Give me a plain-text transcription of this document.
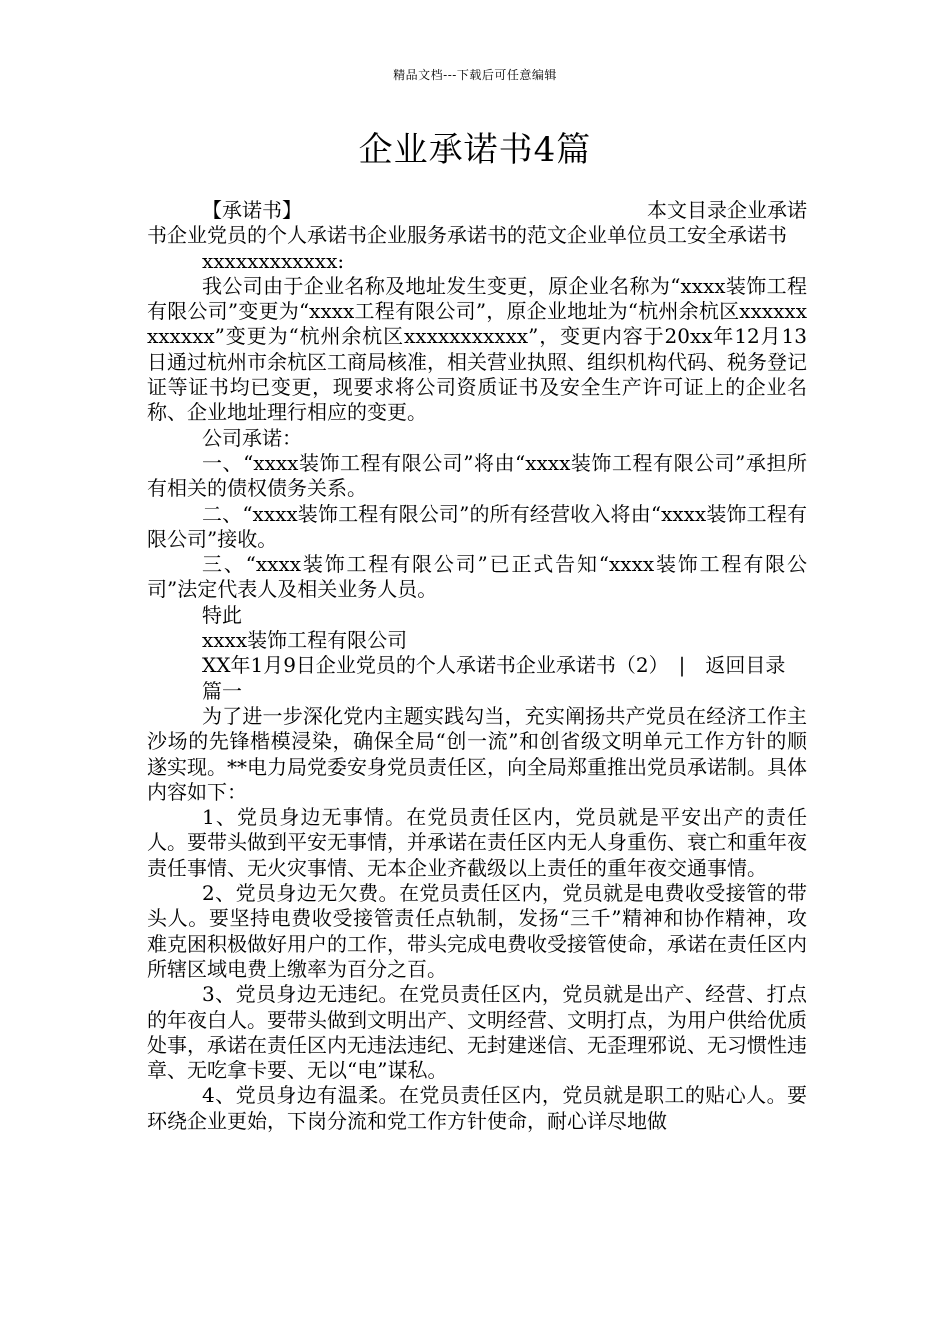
精品文档---下载后可任意编辑
企业承诺书4篇
【承诺书】	本文目录企业承诺

书企业党员的个人承诺书企业服务承诺书的范文企业单位员工安全承诺书

xxxxxxxxxxxx:

我公司由于企业名称及地址发生变更，原企业名称为“xxxx装饰工程有限公司”变更为“xxxx工程有限公司”，原企业地址为“杭州余杭区xxxxxxxxxxxx”变更为“杭州余杭区xxxxxxxxxxx”，变更内容于20xx年12月13日通过杭州市余杭区工商局核准，相关营业执照、组织机构代码、税务登记证等证书均已变更，现要求将公司资质证书及安全生产许可证上的企业名称、企业地址理行相应的变更。

公司承诺：

一、“xxxx装饰工程有限公司”将由“xxxx装饰工程有限公司”承担所有相关的债权债务关系。

二、“xxxx装饰工程有限公司”的所有经营收入将由“xxxx装饰工程有限公司”接收。

三、“xxxx装饰工程有限公司”已正式告知“xxxx装饰工程有限公司”法定代表人及相关业务人员。

特此

xxxx装饰工程有限公司

XX年1月9日企业党员的个人承诺书企业承诺书（2）　|　返回目录

篇一

为了进一步深化党内主题实践勾当，充实阐扬共产党员在经济工作主沙场的先锋楷模浸染，确保全局“创一流”和创省级文明单元工作方针的顺遂实现。**电力局党委安身党员责任区，向全局郑重推出党员承诺制。具体内容如下：

1、党员身边无事情。在党员责任区内，党员就是平安出产的责任人。要带头做到平安无事情，并承诺在责任区内无人身重伤、衰亡和重年夜责任事情、无火灾事情、无本企业齐截级以上责任的重年夜交通事情。

2、党员身边无欠费。在党员责任区内，党员就是电费收受接管的带头人。要坚持电费收受接管责任点轨制，发扬“三千”精神和协作精神，攻难克困积极做好用户的工作，带头完成电费收受接管使命，承诺在责任区内所辖区域电费上缴率为百分之百。

3、党员身边无违纪。在党员责任区内，党员就是出产、经营、打点的年夜白人。要带头做到文明出产、文明经营、文明打点，为用户供给优质处事，承诺在责任区内无违法违纪、无封建迷信、无歪理邪说、无习惯性违章、无吃拿卡要、无以“电”谋私。

4、党员身边有温柔。在党员责任区内，党员就是职工的贴心人。要环绕企业更始，下岗分流和党工作方针使命，耐心详尽地做
